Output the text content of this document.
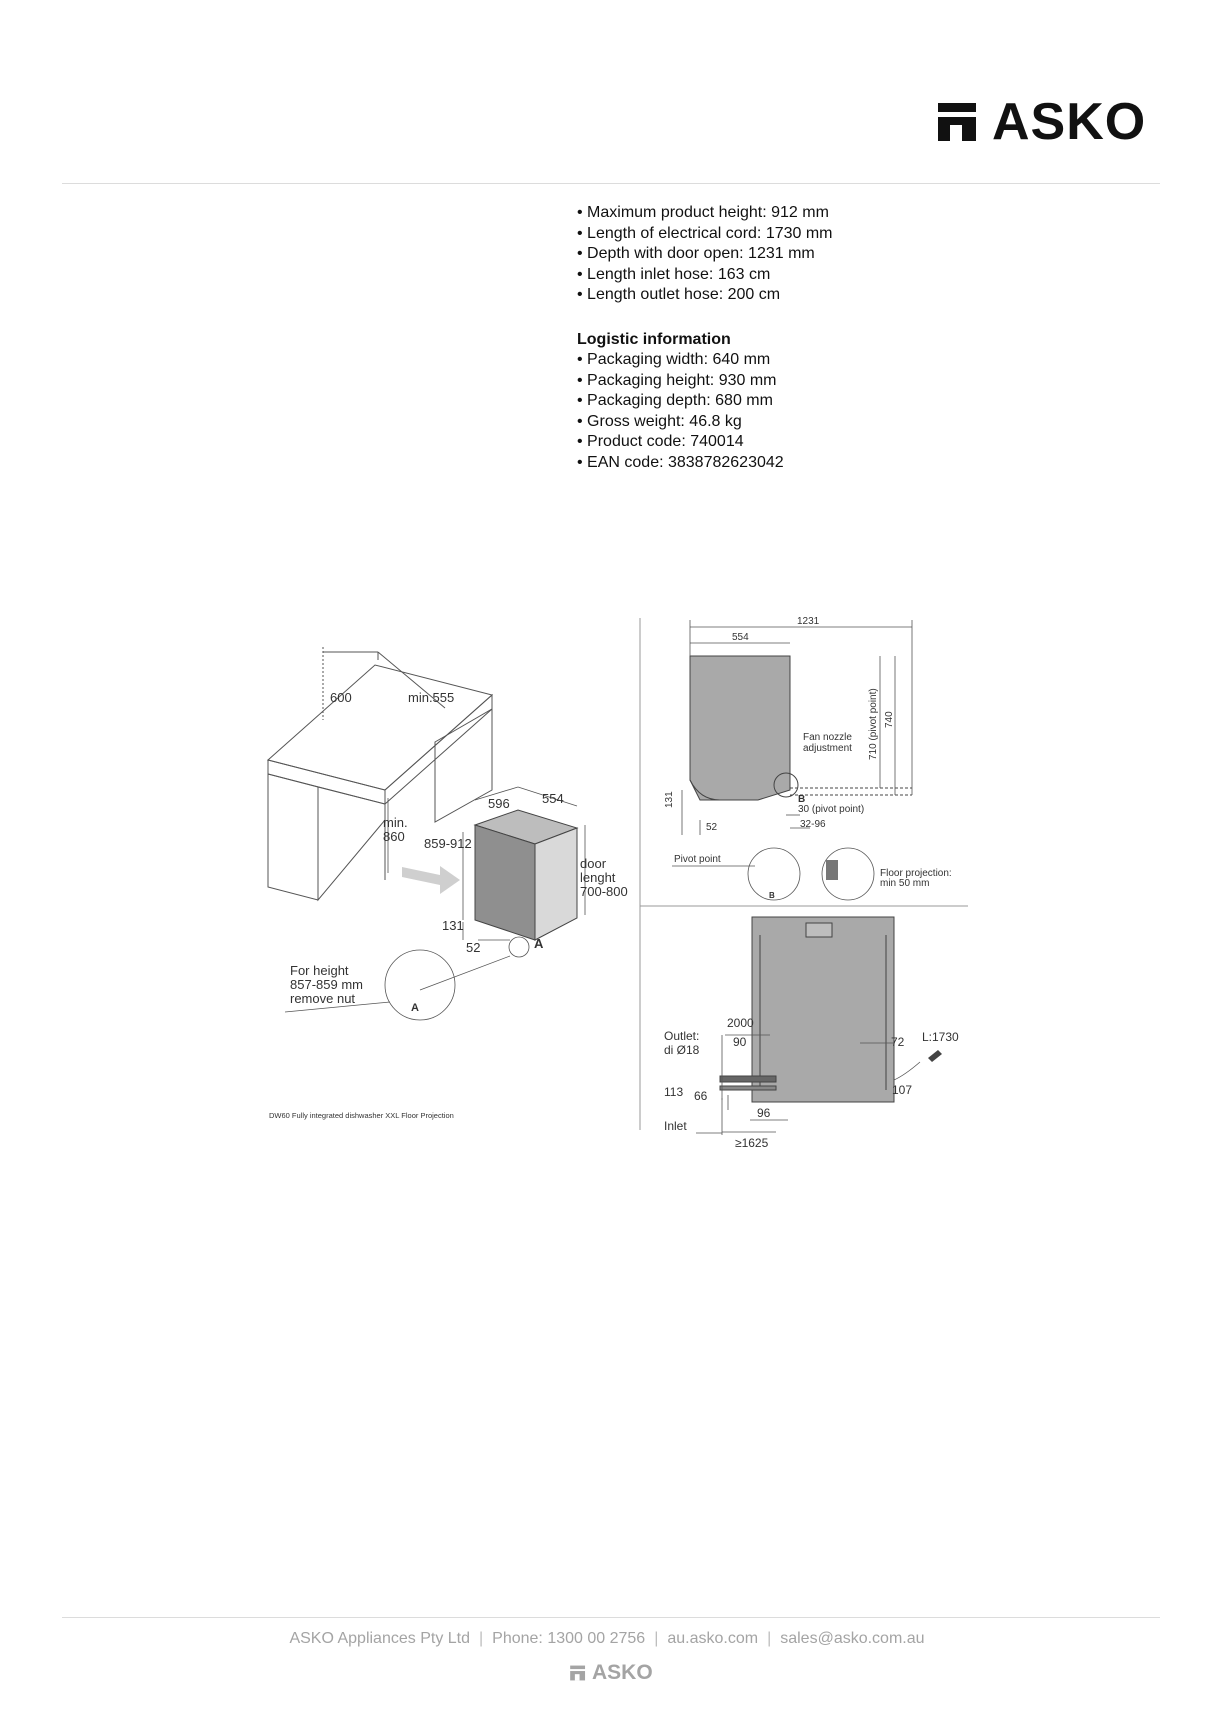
ASKO
• Maximum product height: 912 mm
• Length of electrical cord: 1730 mm
• Depth with door open: 1231 mm
• Length inlet hose: 163 cm
• Length outlet hose: 200 cm
Logistic information
• Packaging width: 640 mm
• Packaging height: 930 mm
• Packaging depth: 680 mm
• Gross weight: 46.8 kg
• Product code: 740014
• EAN code: 3838782623042
600	min.555
min.
860
596 554
859-912
door
lenght
700-800
131
52	A
For height
857-859 mm
remove nut
A
1231
554
710 (pivot point) 740
Fan nozzle
adjustment
131
52
B
30 (pivot point)
32-96
Pivot point
B
Floor projection:
min 50 mm
2000
Outlet:
di Ø18
90	72 L:1730
113 66	107
96
Inlet
≥1625
DW60 Fully integrated dishwasher XXL Floor Projection
ASKO Appliances Pty Ltd | Phone: 1300 00 2756 | au.asko.com | sales@asko.com.au
ASKO
